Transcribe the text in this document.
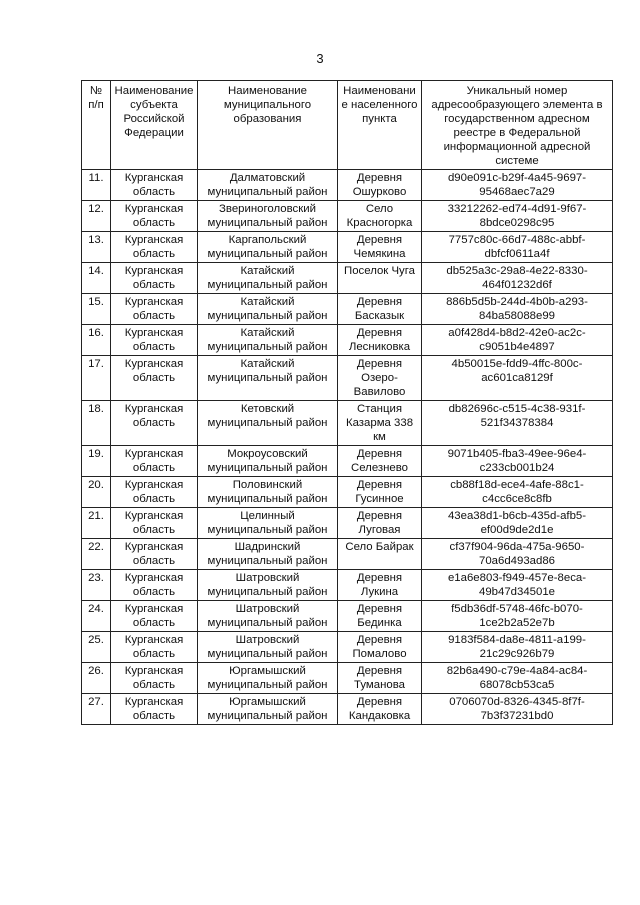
3
№ п/п	Наименование субъекта Российской Федерации	Наименование муниципального образования	Наименование населенного пункта	Уникальный номер адресообразующего элемента в государственном адресном реестре в Федеральной информационной адресной системе
11.	Курганская область	Далматовский муниципальный район	Деревня Ошурково	d90e091c-b29f-4a45-9697-95468aec7a29
12.	Курганская область	Звериноголовский муниципальный район	Село Красногорка	33212262-ed74-4d91-9f67-8bdce0298c95
13.	Курганская область	Каргапольский муниципальный район	Деревня Чемякина	7757c80c-66d7-488c-abbf-dbfcf0611a4f
14.	Курганская область	Катайский муниципальный район	Поселок Чуга	db525a3c-29a8-4e22-8330-464f01232d6f
15.	Курганская область	Катайский муниципальный район	Деревня Басказык	886b5d5b-244d-4b0b-a293-84ba58088e99
16.	Курганская область	Катайский муниципальный район	Деревня Лесниковка	a0f428d4-b8d2-42e0-ac2c-c9051b4e4897
17.	Курганская область	Катайский муниципальный район	Деревня Озеро-Вавилово	4b50015e-fdd9-4ffc-800c-ac601ca8129f
18.	Курганская область	Кетовский муниципальный район	Станция Казарма 338 км	db82696c-c515-4c38-931f-521f34378384
19.	Курганская область	Мокроусовский муниципальный район	Деревня Селезнево	9071b405-fba3-49ee-96e4-c233cb001b24
20.	Курганская область	Половинский муниципальный район	Деревня Гусинное	cb88f18d-ece4-4afe-88c1-c4cc6ce8c8fb
21.	Курганская область	Целинный муниципальный район	Деревня Луговая	43ea38d1-b6cb-435d-afb5-ef00d9de2d1e
22.	Курганская область	Шадринский муниципальный район	Село Байрак	cf37f904-96da-475a-9650-70a6d493ad86
23.	Курганская область	Шатровский муниципальный район	Деревня Лукина	e1a6e803-f949-457e-8eca-49b47d34501e
24.	Курганская область	Шатровский муниципальный район	Деревня Бединка	f5db36df-5748-46fc-b070-1ce2b2a52e7b
25.	Курганская область	Шатровский муниципальный район	Деревня Помалово	9183f584-da8e-4811-a199-21c29c926b79
26.	Курганская область	Юргамышский муниципальный район	Деревня Туманова	82b6a490-c79e-4a84-ac84-68078cb53ca5
27.	Курганская область	Юргамышский муниципальный район	Деревня Кандаковка	0706070d-8326-4345-8f7f-7b3f37231bd0
